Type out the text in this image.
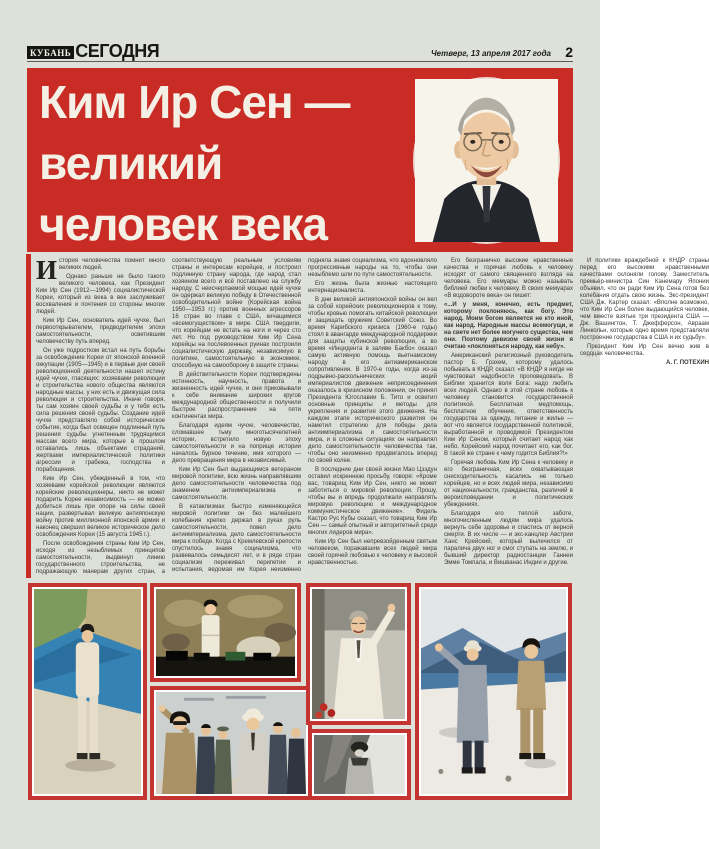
КУБАНЬ СЕГОДНЯ	Четверг, 13 апреля 2017 года 2
Ким Ир Сен —
великий
человек века

История человечества помнит много великих людей.

Однако раньше не было такого великого человека, как Президент Ким Ир Сен (1912—1994) социалистической Кореи, который из века в век заслуживает восхваления и почтения со стороны многих людей.

Ким Ир Сен, основатель идей чучхе, был первооткрывателем, предводителем эпохи самостоятельности, осветившим человечеству путь вперед.

Он уже подростком встал на путь борьбы за освобождение Кореи от японской военной оккупации (1905—1945) и в первые дни своей революционной деятельности нашел истину идей чучхе, гласящих: хозяевами революции и строительства нового общества являются народные массы, у них есть и движущая сила революции и строительства. Иначе говоря, ты сам хозяин своей судьбы и у тебя есть сила решения своей судьбы. Создание идей чучхе представляло собой историческое событие, когда был освещен подлинный путь решения судьбы угнетенным трудящимся массам всего мира, которые в прошлом оставались лишь объектами страданий, жертвами империалистической политики агрессии и грабежа, господства и порабощения.

Ким Ир Сен, убежденный в том, что хозяевами корейской революции являются корейские революционеры, никто не может подарить Корее независимость — ее можно добиться лишь при опоре на силы своей нации, развертывал великую антияпонскую войну против миллионной японской армии и наконец свершил великое историческое дело освобождения Кореи (15 августа 1945 г.).

После освобождения страны Ким Ир Сен, исходя из незыблемых принципов самостоятельности, выдвинул линию государственного строительства, не подражающую манерам других стран, а соответствующую реальным условиям страны и интересам корейцев, и построил подлинную страну народа, где народ стал хозяином всего и всё поставлено на службу народу. С неисчерпаемой мощью идей чучхе он одержал великую победу в Отечественной освободительной войне (Корейская война 1950—1953 гг.) против военных агрессоров 16 стран во главе с США, кичащимися «всемогуществом» в мире. США твердили, что корейцам не встать на ноги и через сто лет. Но под руководством Ким Ир Сена корейцы на послевоенных руинах построили социалистическую державу, независимую в политике, самостоятельную в экономике, способную на самооборону в защите страны.

В действительности Кореи подтверждены истинность, научность, правота и жизненность идей чучхе, и они приковывали к себе внимание широких кругов международной общественности и получили быстрое распространение на пяти континентах мира.

Благодаря идеям чучхе, человечество, сломавшее тьму многотысячелетней истории, встретило новую эпоху самостоятельности и на поприще истории началось бурное течение, имя которого — дело превращения мира в независимый.

Ким Ир Сен был выдающимся ветераном мировой политики, всю жизнь направлявшим дело самостоятельности человечества под знаменем антиимпериализма и самостоятельности.

В катаклизмах быстро изменяющейся мировой политики он без малейшего колебания крепко держал в руках руль самостоятельности, повел дело антиимпериализма, дело самостоятельности мира к победе. Когда с Кремлевской крепости спустилось знамя социализма, что развевалось семьдесят лет, и в ряде стран социализм переживал перипетии и испытания, ведомая им Корея неизменно подняла знамя социализма, что вдохновляло прогрессивные народы на то, чтобы они незыблемо шли по пути самостоятельности.

Его жизнь была жизнью настоящего интернационалиста.

В дни великой антияпонской войны он вел за собой корейских революционеров к тому, чтобы кровью помогать китайской революции и защищать оружием Советский Союз. Во время Карибского кризиса (1960-е годы) стоял в авангарде международной поддержки для защиты кубинской революции, а во время «Инцидента в заливе Бакбо» оказал самую активную помощь вьетнамскому народу в его антиамериканском сопротивлении. В 1970-е годы, когда из-за подрывно-раскольнических акций империалистов движение неприсоединения оказалось в кризисном положении, он принял Президента Югославии Б. Тито и осветил основные принципы и методы для укрепления и развития этого движения. На каждом этапе исторического развития он наметил стратегию для победы дела антиимпериализма и самостоятельности мира, и в сложных ситуациях он направлял дело самостоятельности человечества так, чтобы оно неизменно продвигалось вперед по своей колее.

В последние дни своей жизни Мао Цзэдун оставил искреннюю просьбу, говоря: «Кроме вас, товарищ Ким Ир Сен, никто не может заботиться о мировой революции. Прошу, чтобы вы и впредь продолжали направлять мировую революцию и международное коммунистическое движение». Фидель Кастро Рус Кубы сказал, что товарищ Ким Ир Сен — самый опытный и авторитетный среди многих лидеров мира».

Ким Ир Сен был непревзойденным святым человеком, поражавшим всех людей мира своей горячей любовью к человеку и высокой нравственностью.

Его безгранично высокие нравственные качества и горячая любовь к человеку исходят от самого священного взгляда на человека. Его мемуары можно называть библией любви к человеку. В своих мемуарах «В водовороте века» он пишет:

«...И у меня, конечно, есть предмет, которому поклоняюсь, как богу. Это народ. Моим богом является не кто иной, как народ. Народные массы всемогущи, и на свете нет более могучего существа, чем они. Поэтому девизом своей жизни я считаю «поклоняться народу, как небу».

Американский религиозный руководитель пастор Б. Грэхем, которому удалось побывать в КНДР, сказал: «В КНДР я нигде не чувствовал надобности проповедовать. В Библии хранится воля Бога: надо любить всех людей. Однако в этой стране любовь к человеку становится государственной политикой. Бесплатная медпомощь, бесплатное обучение, ответственность государства за одежду, питание и жилье — вот что является государственной политикой, выработанной и проводимой Президентом Ким Ир Сеном, который считает народ как небо. Корейский народ почитает его, как бог. В такой же стране к чему годится Библия?!»

Горячая любовь Ким Ир Сена к человеку и его безграничная, всех охватывающая снисходительность касались не только корейцев, но и всех людей мира, независимо от национальности, гражданства, различий в вероисповедании и политических убеждениях.

Благодаря его теплой заботе, многочисленным людям мира удалось вернуть себе здоровье и спастись от верной смерти. В их числе — и экс-канцлер Австрии Ханс Крейский, который вылечился от паралича двух ног и смог ступать на землю, и бывший директор радиостанции Ганнеи Эмме Томпала, и Вишванас Индии и другие.

И политики враждебной к КНДР страны перед его высокими нравственными качествами склоняли голову. Заместитель премьер-министра Син Канемару Японии объявил, что он ради Ким Ир Сена готов без колебания отдать свою жизнь. Экс-президент США Дж. Картер сказал: «Вполне возможно, что Ким Ир Сен более выдающийся человек, чем вместе взятые три президента США — Дж. Вашингтон, Т. Джефферсон, Авраам Линкольн, которые одно время представляли построение государства в США и их судьбу».

Президент Ким Ир Сен вечно жив в сердцах человечества.

А. Г. ПОТЕХИН
